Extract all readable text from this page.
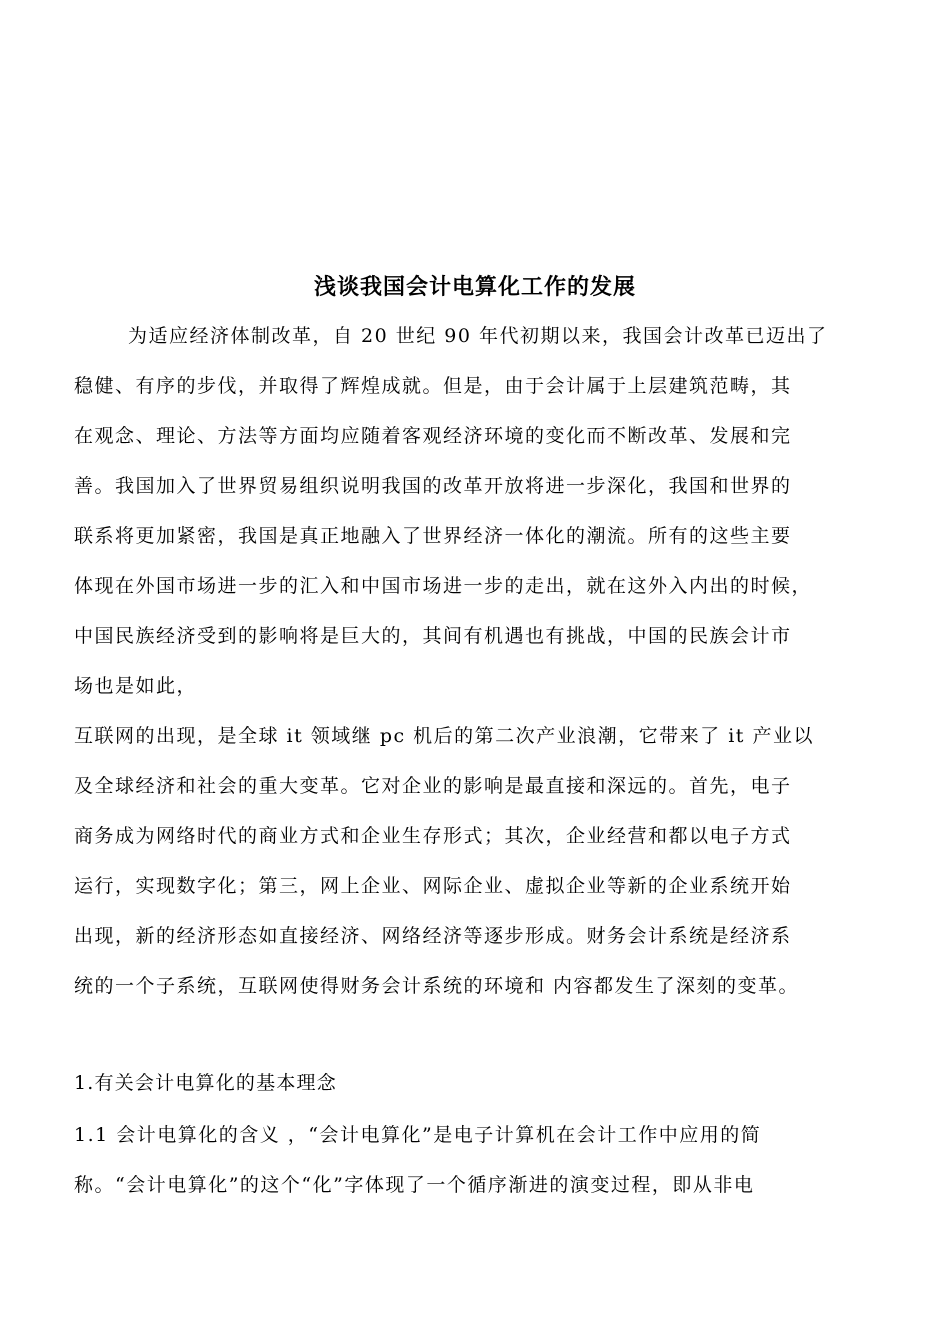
浅谈我国会计电算化工作的发展
为适应经济体制改革，自 20 世纪 90 年代初期以来，我国会计改革已迈出了
稳健、有序的步伐，并取得了辉煌成就。但是，由于会计属于上层建筑范畴，其
在观念、理论、方法等方面均应随着客观经济环境的变化而不断改革、发展和完
善。我国加入了世界贸易组织说明我国的改革开放将进一步深化，我国和世界的
联系将更加紧密，我国是真正地融入了世界经济一体化的潮流。所有的这些主要
体现在外国市场进一步的汇入和中国市场进一步的走出，就在这外入内出的时候，
中国民族经济受到的影响将是巨大的，其间有机遇也有挑战，中国的民族会计市
场也是如此，
互联网的出现，是全球 it 领域继 pc 机后的第二次产业浪潮，它带来了 it 产业以
及全球经济和社会的重大变革。它对企业的影响是最直接和深远的。首先，电子
商务成为网络时代的商业方式和企业生存形式；其次，企业经营和都以电子方式
运行，实现数字化；第三，网上企业、网际企业、虚拟企业等新的企业系统开始
出现，新的经济形态如直接经济、网络经济等逐步形成。财务会计系统是经济系
统的一个子系统，互联网使得财务会计系统的环境和 内容都发生了深刻的变革。
1.有关会计电算化的基本理念
1.1 会计电算化的含义 ，“会计电算化”是电子计算机在会计工作中应用的简
称。“会计电算化”的这个“化”字体现了一个循序渐进的演变过程，即从非电
